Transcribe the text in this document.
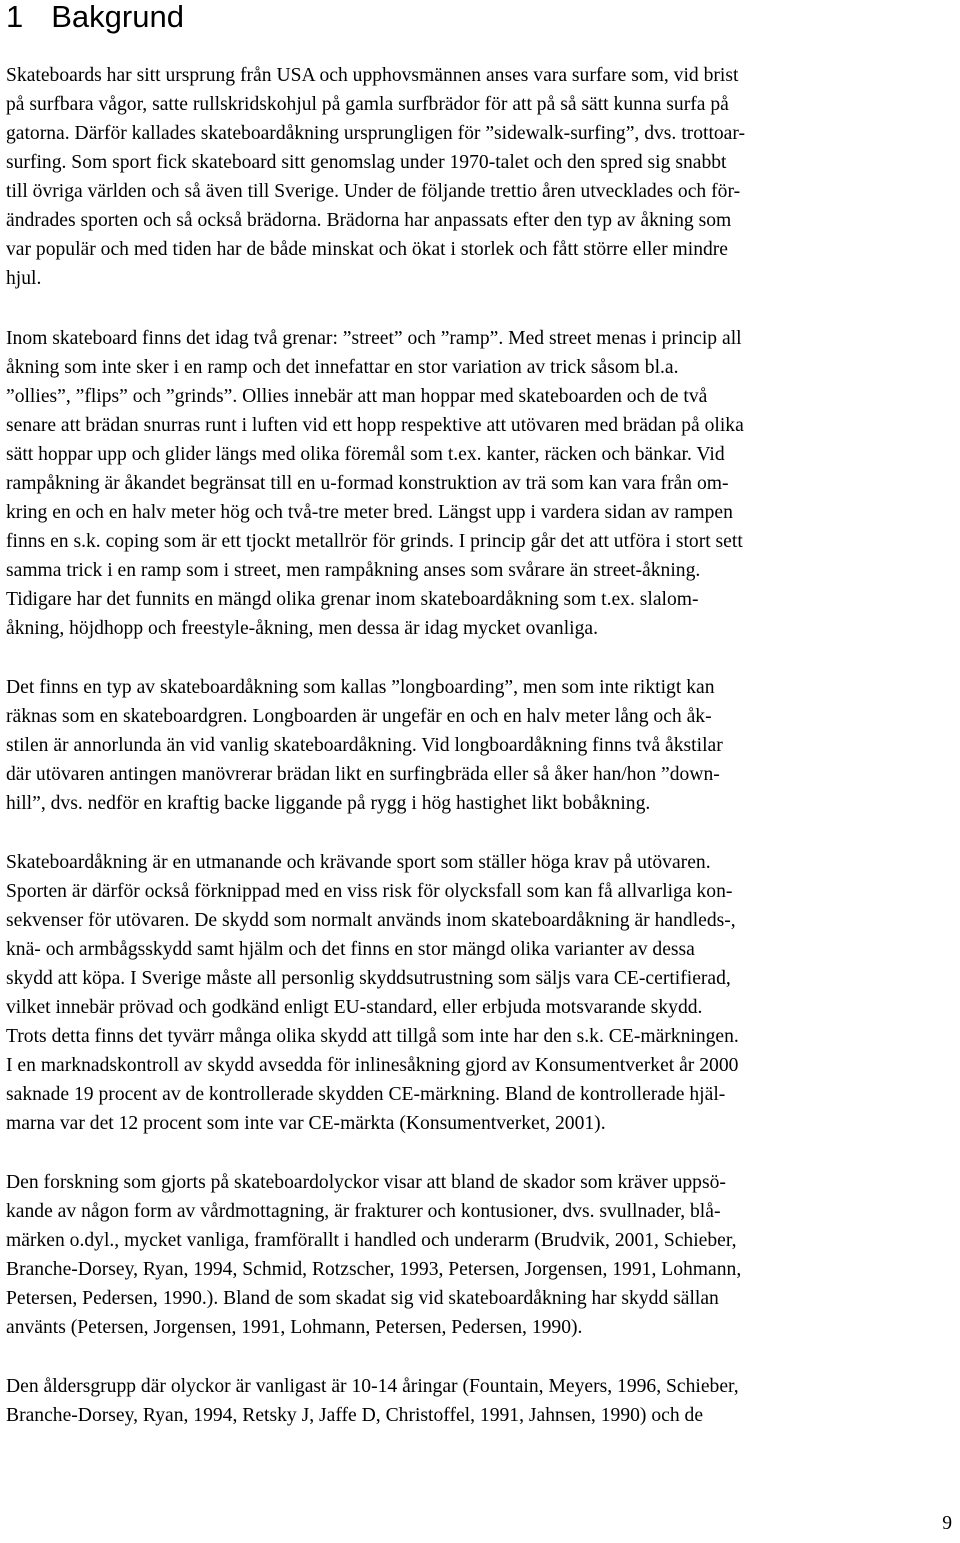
1 Bakgrund
Skateboards har sitt ursprung från USA och upphovsmännen anses vara surfare som, vid brist
på surfbara vågor, satte rullskridskohjul på gamla surfbrädor för att på så sätt kunna surfa på
gatorna. Därför kallades skateboardåkning ursprungligen för ”sidewalk-surfing”, dvs. trottoar-
surfing. Som sport fick skateboard sitt genomslag under 1970-talet och den spred sig snabbt
till övriga världen och så även till Sverige. Under de följande trettio åren utvecklades och för-
ändrades sporten och så också brädorna. Brädorna har anpassats efter den typ av åkning som
var populär och med tiden har de både minskat och ökat i storlek och fått större eller mindre
hjul.
Inom skateboard finns det idag två grenar: ”street” och ”ramp”. Med street menas i princip all
åkning som inte sker i en ramp och det innefattar en stor variation av trick såsom bl.a.
”ollies”, ”flips” och ”grinds”. Ollies innebär att man hoppar med skateboarden och de två
senare att brädan snurras runt i luften vid ett hopp respektive att utövaren med brädan på olika
sätt hoppar upp och glider längs med olika föremål som t.ex. kanter, räcken och bänkar. Vid
rampåkning är åkandet begränsat till en u-formad konstruktion av trä som kan vara från om-
kring en och en halv meter hög och två-tre meter bred. Längst upp i vardera sidan av rampen
finns en s.k. coping som är ett tjockt metallrör för grinds. I princip går det att utföra i stort sett
samma trick i en ramp som i street, men rampåkning anses som svårare än street-åkning.
Tidigare har det funnits en mängd olika grenar inom skateboardåkning som t.ex. slalom-
åkning, höjdhopp och freestyle-åkning, men dessa är idag mycket ovanliga.
Det finns en typ av skateboardåkning som kallas ”longboarding”, men som inte riktigt kan
räknas som en skateboardgren. Longboarden är ungefär en och en halv meter lång och åk-
stilen är annorlunda än vid vanlig skateboardåkning. Vid longboardåkning finns två åkstilar
där utövaren antingen manövrerar brädan likt en surfingbräda eller så åker han/hon ”down-
hill”, dvs. nedför en kraftig backe liggande på rygg i hög hastighet likt bobåkning.
Skateboardåkning är en utmanande och krävande sport som ställer höga krav på utövaren.
Sporten är därför också förknippad med en viss risk för olycksfall som kan få allvarliga kon-
sekvenser för utövaren. De skydd som normalt används inom skateboardåkning är handleds-,
knä- och armbågsskydd samt hjälm och det finns en stor mängd olika varianter av dessa
skydd att köpa. I Sverige måste all personlig skyddsutrustning som säljs vara CE-certifierad,
vilket innebär prövad och godkänd enligt EU-standard, eller erbjuda motsvarande skydd.
Trots detta finns det tyvärr många olika skydd att tillgå som inte har den s.k. CE-märkningen.
I en marknadskontroll av skydd avsedda för inlinesåkning gjord av Konsumentverket år 2000
saknade 19 procent av de kontrollerade skydden CE-märkning. Bland de kontrollerade hjäl-
marna var det 12 procent som inte var CE-märkta (Konsumentverket, 2001).
Den forskning som gjorts på skateboardolyckor visar att bland de skador som kräver uppsö-
kande av någon form av vårdmottagning, är frakturer och kontusioner, dvs. svullnader, blå-
märken o.dyl., mycket vanliga, framförallt i handled och underarm (Brudvik, 2001, Schieber,
Branche-Dorsey, Ryan, 1994, Schmid, Rotzscher, 1993, Petersen, Jorgensen, 1991, Lohmann,
Petersen, Pedersen, 1990.). Bland de som skadat sig vid skateboardåkning har skydd sällan
använts (Petersen, Jorgensen, 1991, Lohmann, Petersen, Pedersen, 1990).
Den åldersgrupp där olyckor är vanligast är 10-14 åringar (Fountain, Meyers, 1996, Schieber,
Branche-Dorsey, Ryan, 1994, Retsky J, Jaffe D, Christoffel, 1991, Jahnsen, 1990) och de
9
